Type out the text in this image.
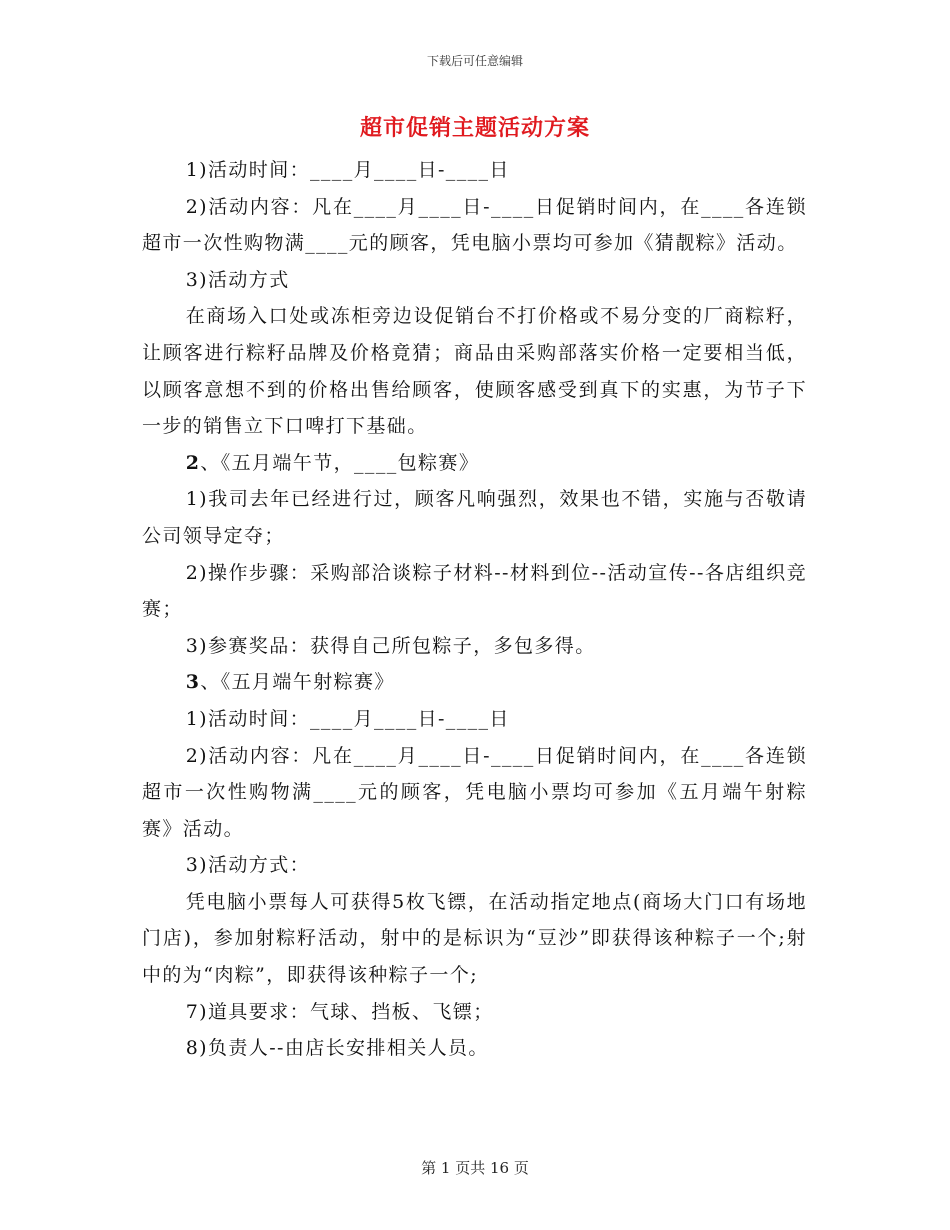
下载后可任意编辑
超市促销主题活动方案

1)活动时间：____月____日-____日

2)活动内容：凡在____月____日-____日促销时间内，在____各连锁超市一次性购物满____元的顾客，凭电脑小票均可参加《猜靓粽》活动。

3)活动方式

在商场入口处或冻柜旁边设促销台不打价格或不易分变的厂商粽籽，让顾客进行粽籽品牌及价格竟猜；商品由采购部落实价格一定要相当低，以顾客意想不到的价格出售给顾客，使顾客感受到真下的实惠，为节子下一步的销售立下口啤打下基础。

2、《五月端午节，____包粽赛》

1)我司去年已经进行过，顾客凡响强烈，效果也不错，实施与否敬请公司领导定夺；

2)操作步骤：采购部洽谈粽子材料--材料到位--活动宣传--各店组织竞赛；

3)参赛奖品：获得自己所包粽子，多包多得。

3、《五月端午射粽赛》

1)活动时间：____月____日-____日

2)活动内容：凡在____月____日-____日促销时间内，在____各连锁超市一次性购物满____元的顾客，凭电脑小票均可参加《五月端午射粽赛》活动。

3)活动方式：

凭电脑小票每人可获得5枚飞镖，在活动指定地点(商场大门口有场地门店)，参加射粽籽活动，射中的是标识为“豆沙”即获得该种粽子一个;射中的为“肉粽”，即获得该种粽子一个;

7)道具要求：气球、挡板、飞镖；

8)负责人--由店长安排相关人员。

第 1 页共 16 页
